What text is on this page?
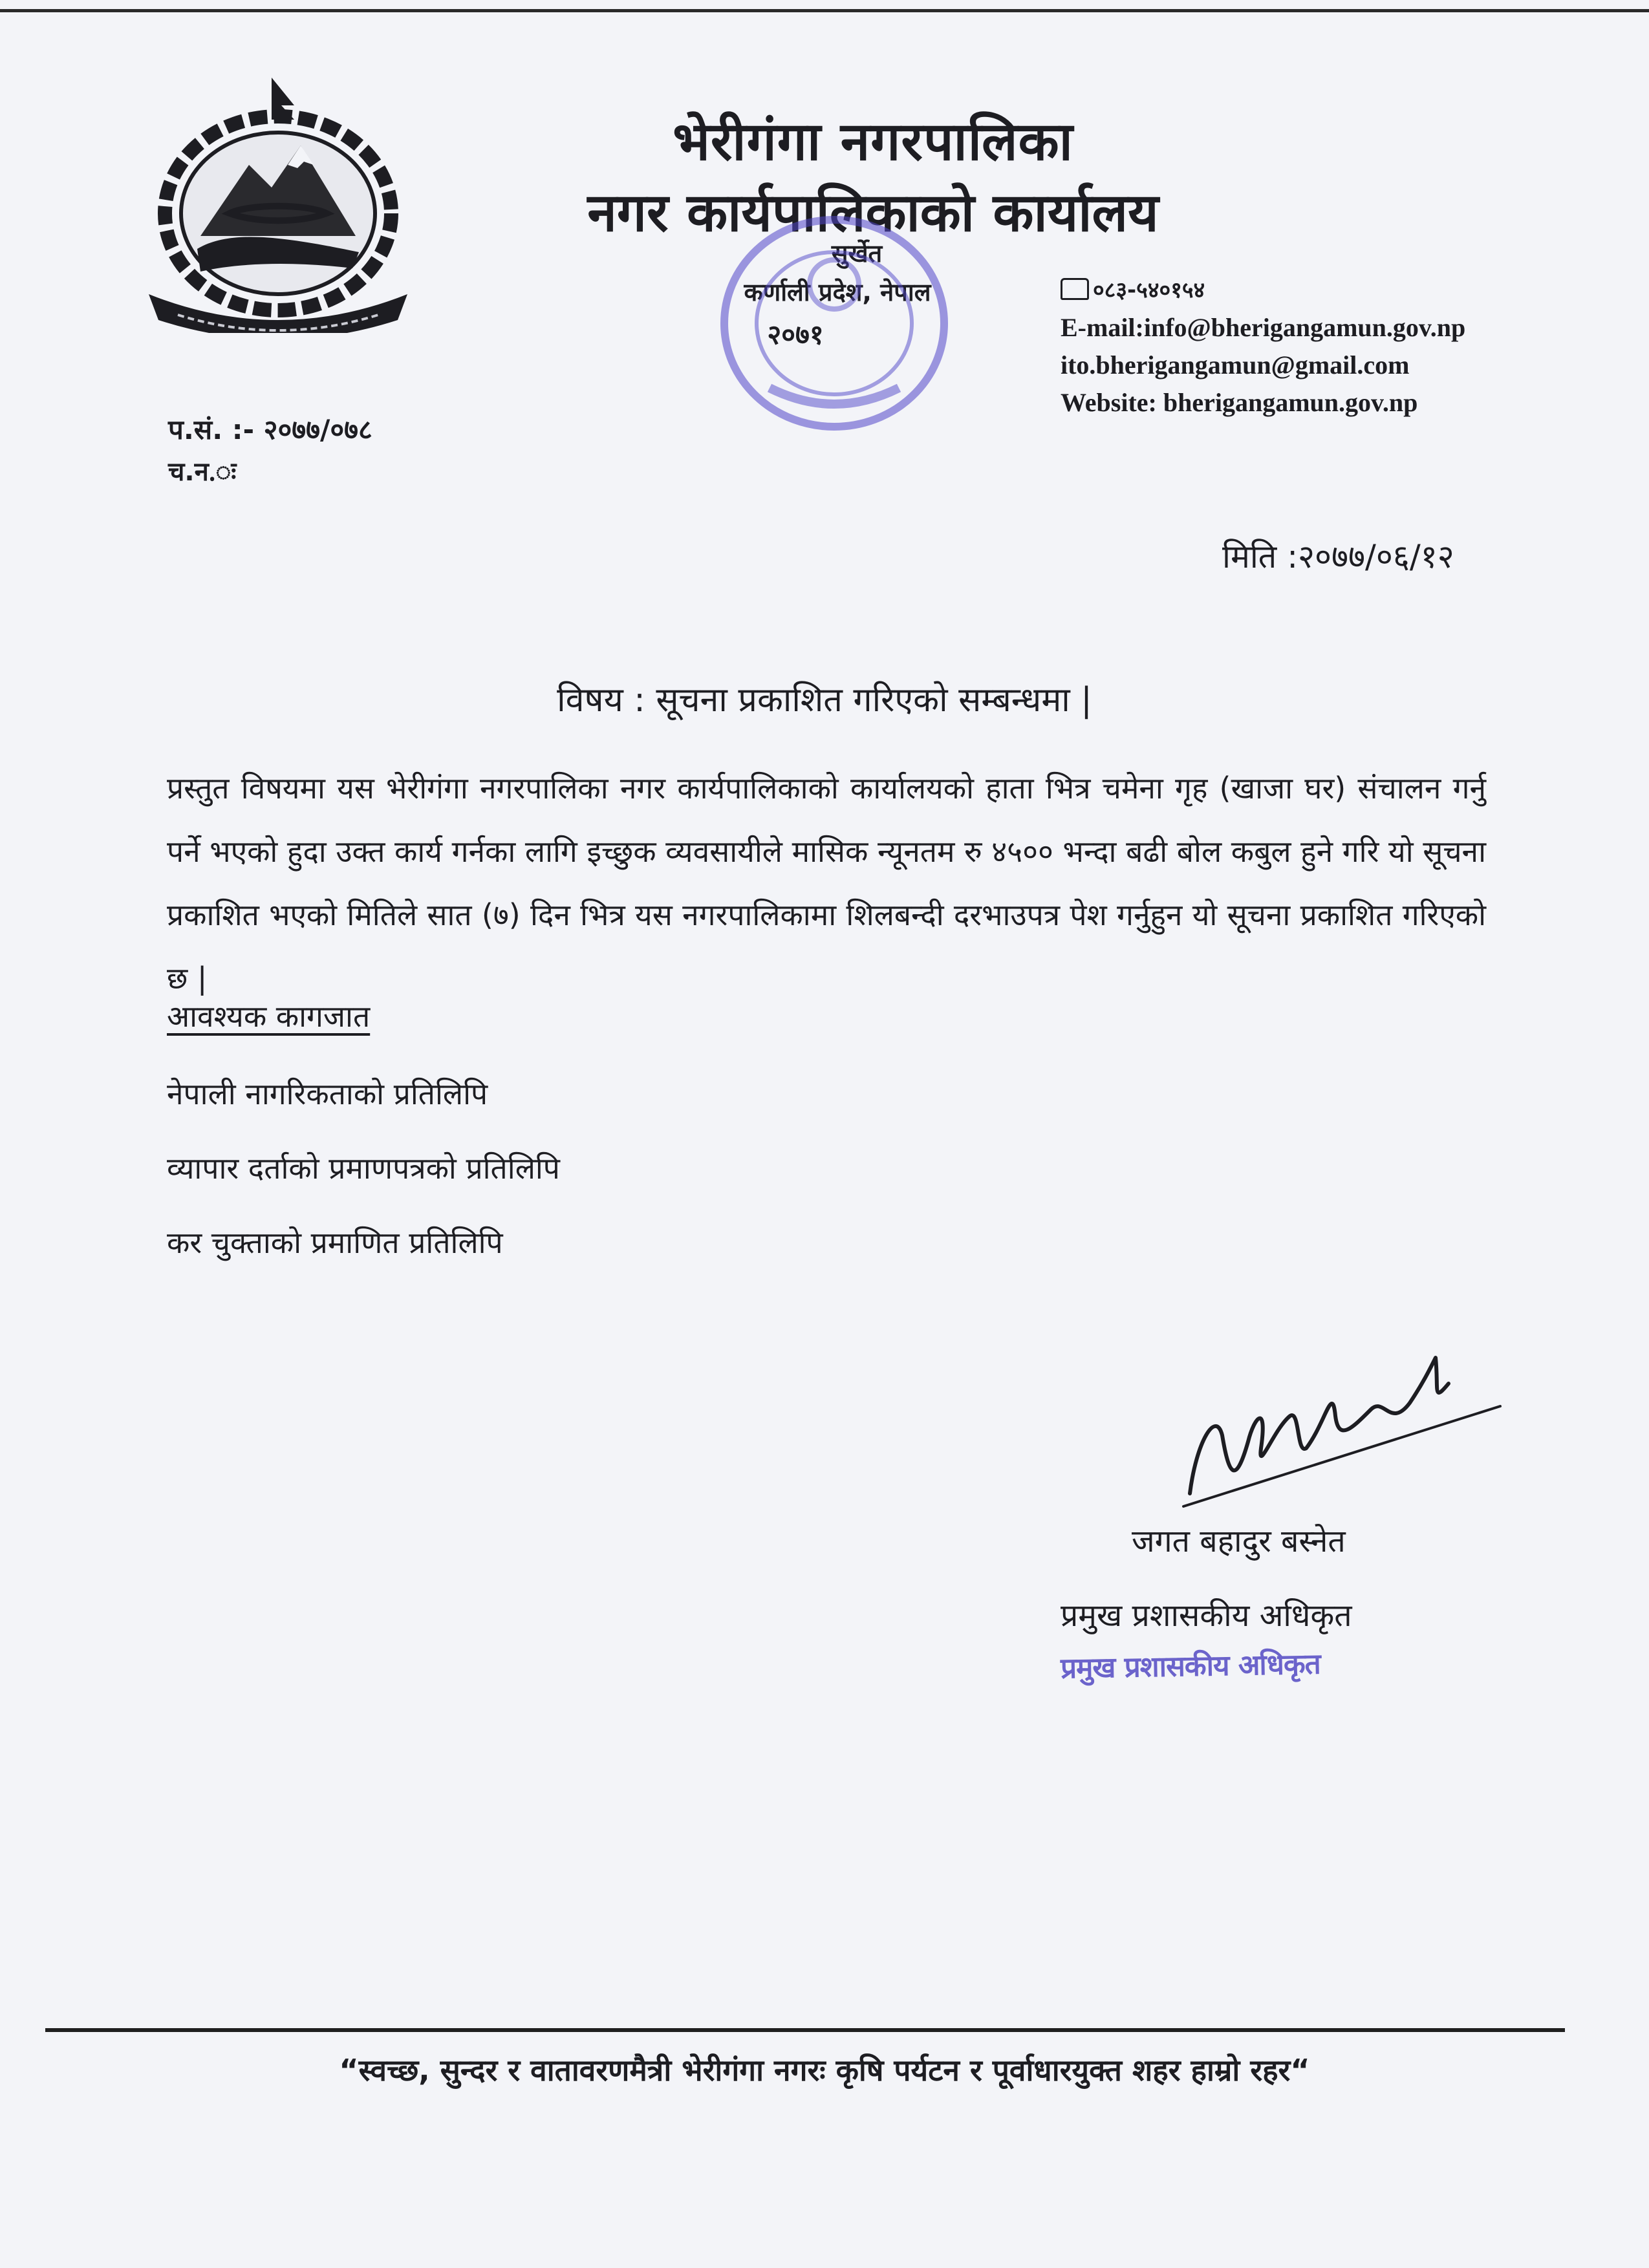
भेरीगंगा नगरपालिका
नगर कार्यपालिकाको कार्यालय
सुर्खेत
कर्णाली प्रदेश, नेपाल
२०७१
०८३-५४०१५४
E-mail:info@bherigangamun.gov.np
ito.bherigangamun@gmail.com
Website: bherigangamun.gov.np
प.सं. :- २०७७/०७८
च.न.ः
मिति :२०७७/०६/१२
विषय : सूचना प्रकाशित गरिएको सम्बन्धमा |
प्रस्तुत विषयमा यस भेरीगंगा नगरपालिका नगर कार्यपालिकाको कार्यालयको हाता भित्र चमेना गृह (खाजा घर) संचालन गर्नु पर्ने भएको हुदा उक्त कार्य गर्नका लागि इच्छुक व्यवसायीले मासिक न्यूनतम रु ४५०० भन्दा बढी बोल कबुल हुने गरि यो सूचना प्रकाशित भएको मितिले सात (७) दिन भित्र यस नगरपालिकामा शिलबन्दी दरभाउपत्र पेश गर्नुहुन यो सूचना प्रकाशित गरिएको छ |
आवश्यक कागजात
नेपाली नागरिकताको प्रतिलिपि
व्यापार दर्ताको प्रमाणपत्रको प्रतिलिपि
कर चुक्ताको प्रमाणित प्रतिलिपि
जगत बहादुर बस्नेत
प्रमुख प्रशासकीय अधिकृत
प्रमुख प्रशासकीय अधिकृत
“स्वच्छ, सुन्दर र वातावरणमैत्री भेरीगंगा नगरः कृषि पर्यटन र पूर्वाधारयुक्त शहर हाम्रो रहर“
